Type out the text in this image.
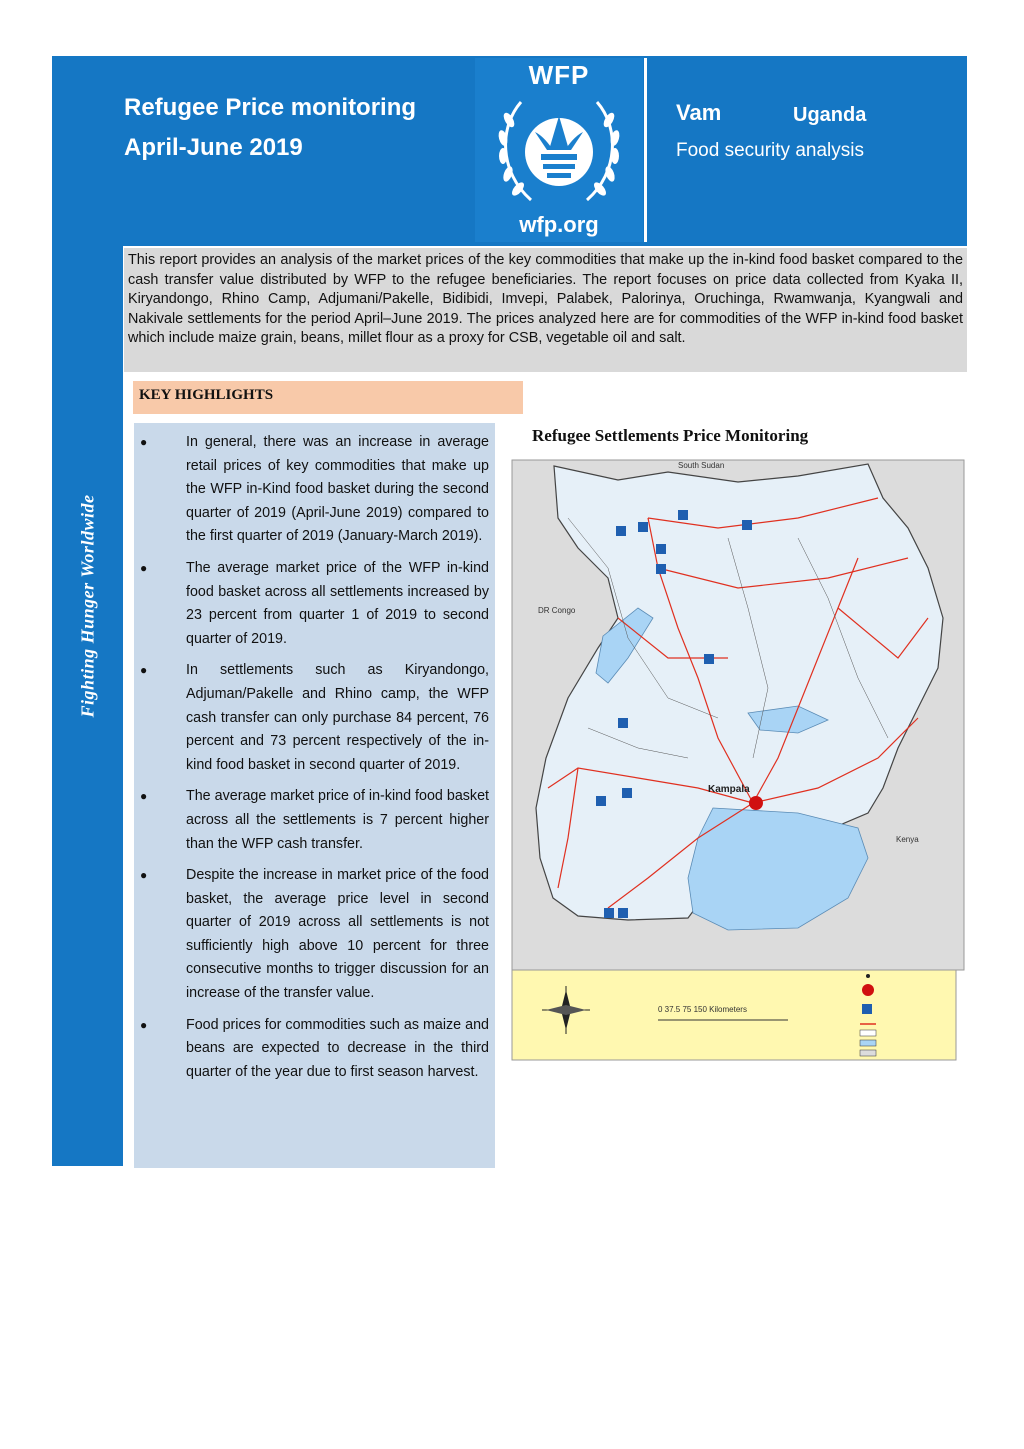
Refugee Price monitoring
April-June 2019
WFP
wfp.org
Vam	Uganda
Food security analysis
Fighting Hunger Worldwide
This report provides an analysis of the market prices of the key commodities that make up the in-kind food basket compared to the cash transfer value distributed by WFP to the refugee beneficiaries. The report focuses on price data collected from Kyaka II, Kiryandongo, Rhino Camp, Adjumani/Pakelle, Bidibidi, Imvepi, Palabek, Palorinya, Oruchinga, Rwamwanja, Kyangwali and Nakivale settlements for the period April–June 2019. The prices analyzed here are for commodities of the WFP in-kind food basket which include maize grain, beans, millet flour as a proxy for CSB, vegetable oil and salt.
KEY HIGHLIGHTS
●	In general, there was an increase in average retail prices of key commodities that make up the WFP in-Kind food basket during the second quarter of 2019 (April-June 2019) compared to the first quarter of 2019 (January-March 2019).
●	The average market price of the WFP in-kind food basket across all settlements increased by 23 percent from quarter 1 of 2019 to second quarter of 2019.
●	In settlements such as Kiryandongo, Adjuman/Pakelle and Rhino camp, the WFP cash transfer can only purchase 84 percent, 76 percent and 73 percent respectively of the in-kind food basket in second quarter of 2019.
●	The average market price of in-kind food basket across all the settlements is 7 percent higher than the WFP cash transfer.
●	Despite the increase in market price of the food basket, the average price level in second quarter of 2019 across all settlements is not sufficiently high above 10 percent for three consecutive months to trigger discussion for an increase of the transfer value.
●	Food prices for commodities such as maize and beans are expected to decrease in the third quarter of the year due to first season harvest.
Refugee Settlements Price Monitoring
South Sudan
DR Congo
Kenya
Kampala
0 37.5 75 150 Kilometers
